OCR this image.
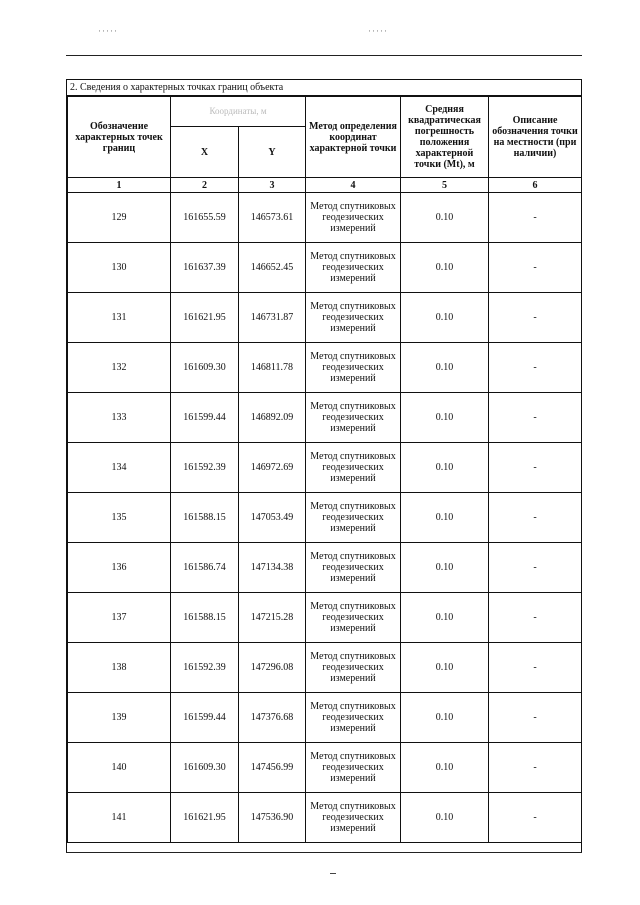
·····	·····
2. Сведения о характерных точках границ объекта
Обозначение характерных точек границ	Координаты, м		Метод определения координат характерной точки	Средняя квадратическая погрешность положения характерной точки (Mt), м	Описание обозначения точки на местности (при наличии)
	X	Y			
1	2	3	4	5	6
129	161655.59	146573.61	Метод спутниковых геодезических измерений	0.10	-
130	161637.39	146652.45	Метод спутниковых геодезических измерений	0.10	-
131	161621.95	146731.87	Метод спутниковых геодезических измерений	0.10	-
132	161609.30	146811.78	Метод спутниковых геодезических измерений	0.10	-
133	161599.44	146892.09	Метод спутниковых геодезических измерений	0.10	-
134	161592.39	146972.69	Метод спутниковых геодезических измерений	0.10	-
135	161588.15	147053.49	Метод спутниковых геодезических измерений	0.10	-
136	161586.74	147134.38	Метод спутниковых геодезических измерений	0.10	-
137	161588.15	147215.28	Метод спутниковых геодезических измерений	0.10	-
138	161592.39	147296.08	Метод спутниковых геодезических измерений	0.10	-
139	161599.44	147376.68	Метод спутниковых геодезических измерений	0.10	-
140	161609.30	147456.99	Метод спутниковых геодезических измерений	0.10	-
141	161621.95	147536.90	Метод спутниковых геодезических измерений	0.10	-
